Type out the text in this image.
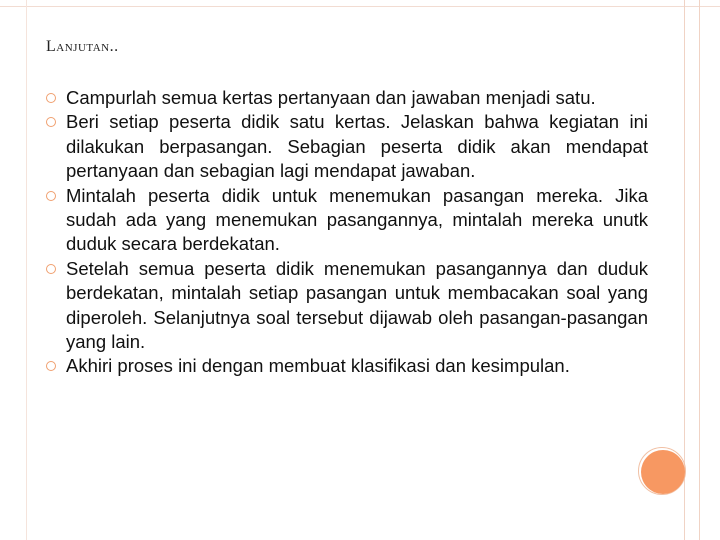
Lanjutan..
Campurlah semua kertas pertanyaan dan jawaban menjadi satu.
Beri setiap peserta didik satu kertas. Jelaskan bahwa kegiatan ini dilakukan berpasangan. Sebagian peserta didik akan mendapat pertanyaan dan sebagian lagi mendapat jawaban.
Mintalah peserta didik untuk menemukan pasangan mereka. Jika sudah ada yang menemukan pasangannya, mintalah mereka unutk duduk secara berdekatan.
Setelah semua peserta didik menemukan pasangannya dan duduk berdekatan, mintalah setiap pasangan untuk membacakan soal yang diperoleh. Selanjutnya soal tersebut dijawab oleh pasangan-pasangan yang lain.
Akhiri proses ini dengan membuat klasifikasi dan kesimpulan.
